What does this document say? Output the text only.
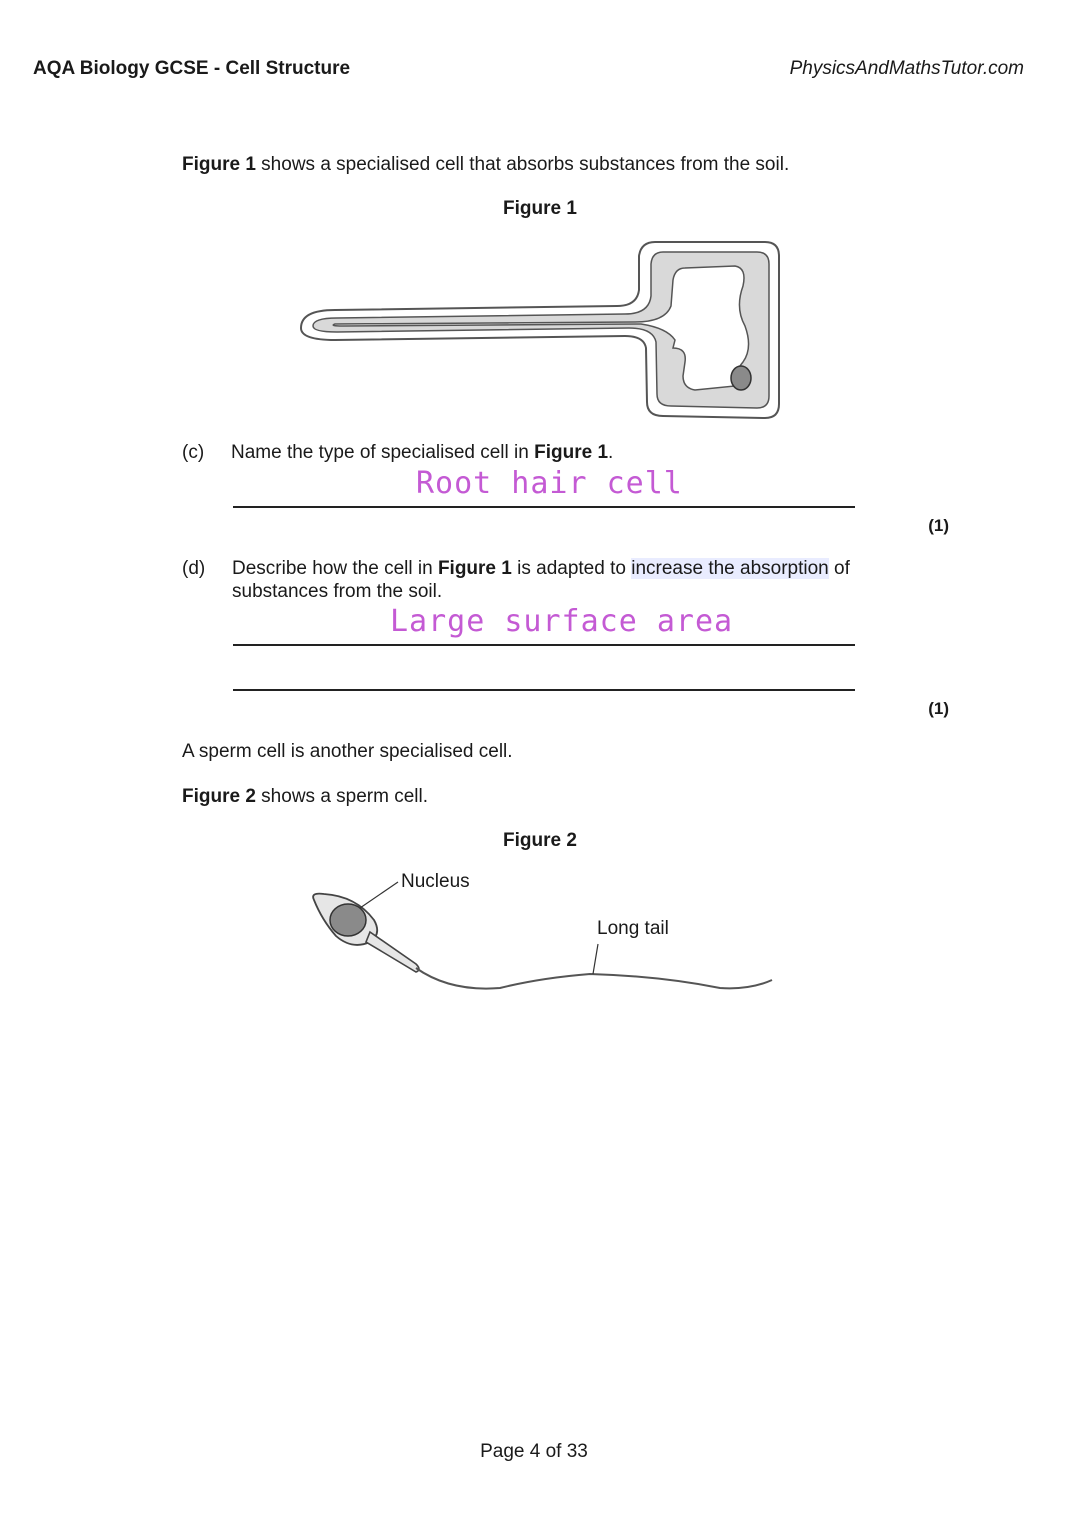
AQA Biology GCSE - Cell Structure	PhysicsAndMathsTutor.com
Figure 1 shows a specialised cell that absorbs substances from the soil.
Figure 1
(c) Name the type of specialised cell in Figure 1.
Root hair cell
(1)
(d) Describe how the cell in Figure 1 is adapted to increase the absorption of
substances from the soil.
Large surface area
(1)
A sperm cell is another specialised cell.
Figure 2 shows a sperm cell.
Figure 2
Nucleus
Long tail
Page 4 of 33
